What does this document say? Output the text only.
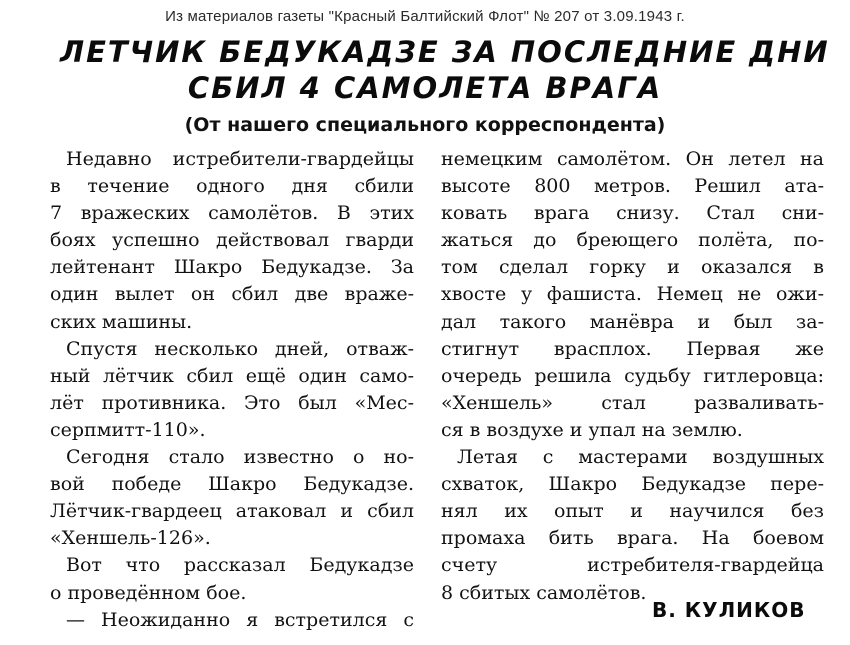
Из материалов газеты "Красный Балтийский Флот" № 207 от 3.09.1943 г.
ЛЕТЧИК БЕДУКАДЗЕ ЗА ПОСЛЕДНИЕ ДНИ
СБИЛ 4 САМОЛЕТА ВРАГА
(От нашего специального корреспондента)
Недавно истребители-гвардейцы
в течение одного дня сбили
7 вражеских самолётов. В этих
боях успешно действовал гварди
лейтенант Шакро Бедукадзе. За
один вылет он сбил две враже-
ских машины.
Спустя несколько дней, отваж-
ный лётчик сбил ещё один само-
лёт противника. Это был «Мес-
серпмитт-110».
Сегодня стало известно о но-
вой победе Шакро Бедукадзе.
Лётчик-гвардеец атаковал и сбил
«Хеншель-126».
Вот что рассказал Бедукадзе
о проведённом бое.
— Неожиданно я встретился с
немецким самолётом. Он летел на
высоте 800 метров. Решил ата-
ковать врага снизу. Стал сни-
жаться до бреющего полёта, по-
том сделал горку и оказался в
хвосте у фашиста. Немец не ожи-
дал такого манёвра и был за-
стигнут врасплох. Первая же
очередь решила судьбу гитлеровца:
«Хеншель» стал разваливать-
ся в воздухе и упал на землю.
Летая с мастерами воздушных
схваток, Шакро Бедукадзе пере-
нял их опыт и научился без
промаха бить врага. На боевом
счету истребителя-гвардейца
8 сбитых самолётов.
В. КУЛИКОВ
